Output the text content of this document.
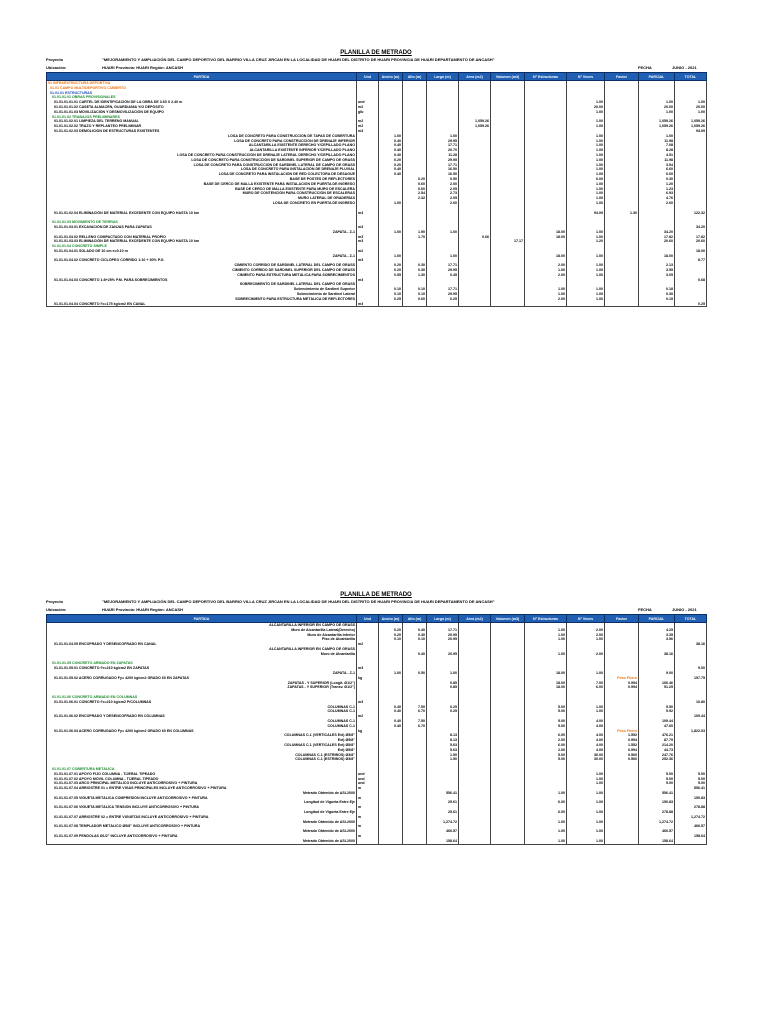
PLANILLA DE METRADO
Proyecto	"MEJORAMIENTO Y AMPLIACIÓN DEL CAMPO DEPORTIVO DEL BARRIO VILLA CRUZ JIRCAN EN LA LOCALIDAD DE HUARI DEL DISTRITO DE HUARI PROVINCIA DE HUARI DEPARTAMENTO DE ANCASH"
Ubicación:	HUARI Provincia: HUARI Región: ANCASH	FECHA	JUNIO - 2021
PARTIDA	Und	Ancho (m)	Alto (m)	Largo (m)	Area (m2)	Volumen (m3)	N° Estructuras	N° Veces	Factor	PARCIAL	TOTAL
01 INFRAESTRUCTURA DEPORTIVA											
01.01 CAMPO MULTIDEPORTIVO CUBIERTO											
01.01.01 ESTRUCTURAS											
01.01.01.01 OBRAS PROVISIONALES											
01.01.01.01.01 CARTEL DE IDENTIFICACIÓN DE LA OBRA DE 3.60 X 2.40 m	und							1.00		1.00	1.00
01.01.01.01.02 CASETA ALMACÉN, GUARDIANÍA Y/O DEPÓSITO	m2							20.00		20.00	20.00
01.01.01.01.03 MOVILIZACIÓN Y DESMOVILIZACIÓN DE EQUIPO	glb							1.00		1.00	1.00
01.01.01.02 TRABAJOS PRELIMINARES											
01.01.01.02.01 LIMPIEZA DEL TERRENO MANUAL	m2				1,059.26			1.00		1,059.26	1,059.26
01.01.01.02.02 TRAZO Y REPLANTEO PRELIMINAR	m2				1,059.26			1.00		1,059.26	1,059.26
01.01.01.02.03 DEMOLICIÓN DE ESTRUCTURAS EXISTENTES	m3										94.09
LOSA DE CONCRETO PARA CONSTRUCCIÓN DE TAPAS DE COBERTURA		1.00		1.00				1.00		1.00	
LOSA DE CONCRETO PARA CONSTRUCCIÓN DE DRENAJE INFERIOR		0.40		29.95				1.00		11.98	
ALCANTARILLA EXISTENTE DERECHO Y/CEPILLADO PLANO		0.40		17.71				1.00		7.08	
ALCANTARILLA EXISTENTE INFERIOR Y/CEPILLADO PLANO		0.40		20.70				1.00		8.28	
LOSA DE CONCRETO PARA CONSTRUCCIÓN DE DRENAJE LATERAL DERECHO Y/CEPILLADO PLANO		0.40		11.28				1.00		4.51	
LOSA DE CONCRETO PARA CONSTRUCCIÓN DE SARDINEL SUPERIOR DE CAMPO DE GRASS		0.20		29.95				1.00		11.98	
LOSA DE CONCRETO PARA CONSTRUCCIÓN DE SARDINEL LATERAL DE CAMPO DE GRASS		0.20		17.71				1.00		3.54	
LOSA DE CONCRETO PARA INSTALACIÓN DE DRENAJE PLUVIAL		0.40		16.50				1.00		6.60	
LOSA DE CONCRETO PARA INSTALACIÓN DE RED COLECTORA DE DESAGÜE		0.40		16.50				1.00		6.60	
BASE DE POSTES DE REFLECTORES			0.20	0.50				6.00		0.30	
BASE DE CERCO DE MALLA EXISTENTE PARA INSTALACIÓN DE PUERTA DE INGRESO			0.60	2.00				1.00		1.20	
BASE DE CERCO DE MALLA EXISTENTE PARA MURO DE ESCALERA			0.60	2.05				1.00		1.23	
MURO DE CONTENCIÓN PARA CONSTRUCCIÓN DE ESCALERAS			2.54	2.73				1.00		6.93	
MURO LATERAL DE GRADERÍAS			2.32	2.05				1.00		4.76	
LOSA DE CONCRETO EN PUERTA DE INGRESO		1.00		2.00				1.00		2.00	

01.01.01.02.04 ELIMINACIÓN DE MATERIAL EXCEDENTE CON EQUIPO HASTA 10 km	m3							94.09	1.30		122.32

01.01.01.03 MOVIMIENTO DE TIERRAS											
01.01.01.03.01 EXCAVACIÓN DE ZANJAS PARA ZAPATAS	m3										34.20
ZAPATA - Z-1		1.00	1.90	1.00			18.00	1.00		34.20	
01.01.01.03.02 RELLENO COMPACTADO CON MATERIAL PROPIO	m3		1.70		0.66		18.00	1.00		17.82	17.82
01.01.01.03.03 ELIMINACIÓN DE MATERIAL EXCEDENTE CON EQUIPO HASTA 10 km	m3					17.17		1.20		20.60	20.60
01.01.01.04 CONCRETO SIMPLE											
01.01.01.04.01 SOLADO DE 10 cm e=0.10 m	m2										18.00
ZAPATA - Z-1		1.00		1.00			18.00	1.00		18.00	
01.01.01.04.02 CONCRETO CICLÓPEO CORRIDO 1:10 + 30% P.G.	m3										8.77
CIMIENTO CORRIDO DE SARDINEL LATERAL DEL CAMPO DE GRASS		0.20	0.30	17.71			2.00	1.00		2.13	
CIMIENTO CORRIDO DE SARDINEL SUPERIOR DEL CAMPO DE GRASS		0.20	0.30	29.95			1.00	1.00		3.59	
CIMIENTO PARA ESTRUCTURA METÁLICA PARA SOBRECIMIENTOS		0.55	1.30	0.45			2.00	1.00		3.05	
01.01.01.04.03 CONCRETO 1:8+25% P.M. PARA SOBRECIMIENTOS	m3										0.68
SOBRECIMIENTO DE SARDINEL LATERAL DEL CAMPO DE GRASS											
Sobrecimiento de Sardinel Superior		0.10	0.10	17.71			1.00	1.00		0.18	
Sobrecimiento de Sardinel Lateral		0.10	0.10	29.95			1.00	1.00		0.30	
SOBRECIMIENTO PARA ESTRUCTURA METÁLICA DE REFLECTORES		0.25	0.60	0.25			2.00	1.00		0.19	
01.01.01.04.04 CONCRETO f'c=175 kg/cm2 EN CANAL	m3										0.25
PLANILLA DE METRADO
Proyecto	"MEJORAMIENTO Y AMPLIACIÓN DEL CAMPO DEPORTIVO DEL BARRIO VILLA CRUZ JIRCAN EN LA LOCALIDAD DE HUARI DEL DISTRITO DE HUARI PROVINCIA DE HUARI DEPARTAMENTO DE ANCASH"
Ubicación:	HUARI Provincia: HUARI Región: ANCASH	FECHA	JUNIO - 2021
PARTIDA	Und	Ancho (m)	Alto (m)	Largo (m)	Area (m2)	Volumen (m3)	N° Estructuras	N° Veces	Factor	PARCIAL	TOTAL
ALCANTARILLA INFERIOR EN CAMPO DE GRASS											
Muro de Alcantarilla Lateral(Derecho)		0.20	0.40	17.71			1.00	2.00		4.25	
Muro de Alcantarilla Inferior		0.20	0.40	20.95			1.00	2.00		3.35	
Piso de Alcantarilla		0.10	0.10	20.95			1.00	1.00		3.56	
01.01.01.04.05 ENCOFRADO Y DESENCOFRADO EN CANAL	m2										38.16
ALCANTARILLA INFERIOR EN CAMPO DE GRASS											
Muro de Alcantarilla			0.40	20.95			1.00	2.00		38.16	

01.01.01.05 CONCRETO ARMADO EN ZAPATAS											
01.01.01.05.01 CONCRETO f'c=210 kg/cm2 EN ZAPATAS	m3										9.00
ZAPATA - Z-1		1.00	0.50	1.00			18.00	1.00		9.00	
01.01.01.05.02 ACERO CORRUGADO Fy= 4200 kg/cm2 GRADO 60 EN ZAPATAS	kg								Peso Fierro		197.75
ZAPATAS - Y SUPERIOR (Longit. Ø1/2")				0.85			18.00	7.00	0.994	106.46	
ZAPATAS - Y SUPERIOR (Transv. Ø1/2")				0.85			18.00	6.00	0.994	91.25	

01.01.01.06 CONCRETO ARMADO EN COLUMNAS											
01.01.01.06.01 CONCRETO f'c=210 kg/cm2 P/COLUMNAS	m3										10.80
COLUMNAS C-1		0.40	7.50	0.25			5.00	1.00		5.50	
COLUMNAS C-1		0.40	6.70	0.25			5.00	1.00		5.92	
01.01.01.06.02 ENCOFRADO Y DESENCOFRADO EN COLUMNAS	m2										109.44
COLUMNAS C-1		0.40	7.50				5.00	4.00		109.44	
COLUMNAS C-1		0.40	6.70				5.00	4.00		47.60	
01.01.01.06.03 ACERO CORRUGADO Fy= 4200 kg/cm2 GRADO 60 EN COLUMNAS	kg								Peso Fierro		1,822.03
COLUMNAS C-1 (VERTICALES Ext) Ø5/8"				8.13			6.00	4.00	1.552	476.21	
Ext) Ø5/8"				8.13			2.00	4.00	0.994	87.79	
COLUMNAS C-1 (VERTICALES Ext) Ø5/8"				5.63			6.00	4.00	1.552	214.20	
Ext) Ø5/8"				5.63			2.00	4.00	0.994	44.73	
COLUMNAS C-1 (ESTRIBOS) Ø3/8"				1.50			5.00	36.00	0.560	247.76	
COLUMNAS C-1 (ESTRIBOS) Ø3/8"				1.50			5.00	30.00	0.560	252.36	

01.01.01.07 COBERTURA METÁLICA											
01.01.01.07.01 APOYO FIJO COLUMNA - TIJERAL TIPEADO	und							1.00		5.00	5.00
01.01.01.07.02 APOYO MÓVIL COLUMNA - TIJERAL TIPEADO	und							1.00		5.00	5.00
01.01.01.07.03 ARCO PRINCIPAL METÁLICO INCLUYE ANTICORROSIVO + PINTURA	und							1.00		5.00	5.00
01.01.01.07.04 ARRIOSTRE 01 = ENTRE VIGAS PRINCIPALES INCLUYE ANTICORROSIVO + PINTURA	m										556.41
Metrado Obtenido de ASI-2000				556.41			1.00	1.00		556.41	
01.01.01.07.05 VIGUETA METÁLICA COMPRESIÓN INCLUYE ANTICORROSIVO + PINTURA	m										150.83
Longitud de Vigueta Entre Eje				25.61			6.00	1.00		150.83	
01.01.01.07.06 VIGUETA METÁLICA TENSIÓN INCLUYE ANTICORROSIVO + PINTURA	m										278.88
Longitud de Vigueta Entre Eje				25.61			6.00	1.00		278.88	
01.01.01.07.07 ARRIOSTRE 02 = ENTRE VIGUETAS INCLUYE ANTICORROSIVO + PINTURA	m										1,274.72
Metrado Obtenido de ASI-2000				1,274.72			1.00	1.00		1,274.72	
01.01.01.07.08 TEMPLADOR METÁLICO Ø5/8" INCLUYE ANTICORROSIVO + PINTURA	m										466.57
Metrado Obtenido de ASI-2000				466.57			1.00	1.00		466.57	
01.01.01.07.09 PENDOLAS Ø1/2" INCLUYE ANTICORROSIVO + PINTURA	m										158.64
Metrado Obtenido de ASI-2000				158.64			1.00	1.00		158.64	
